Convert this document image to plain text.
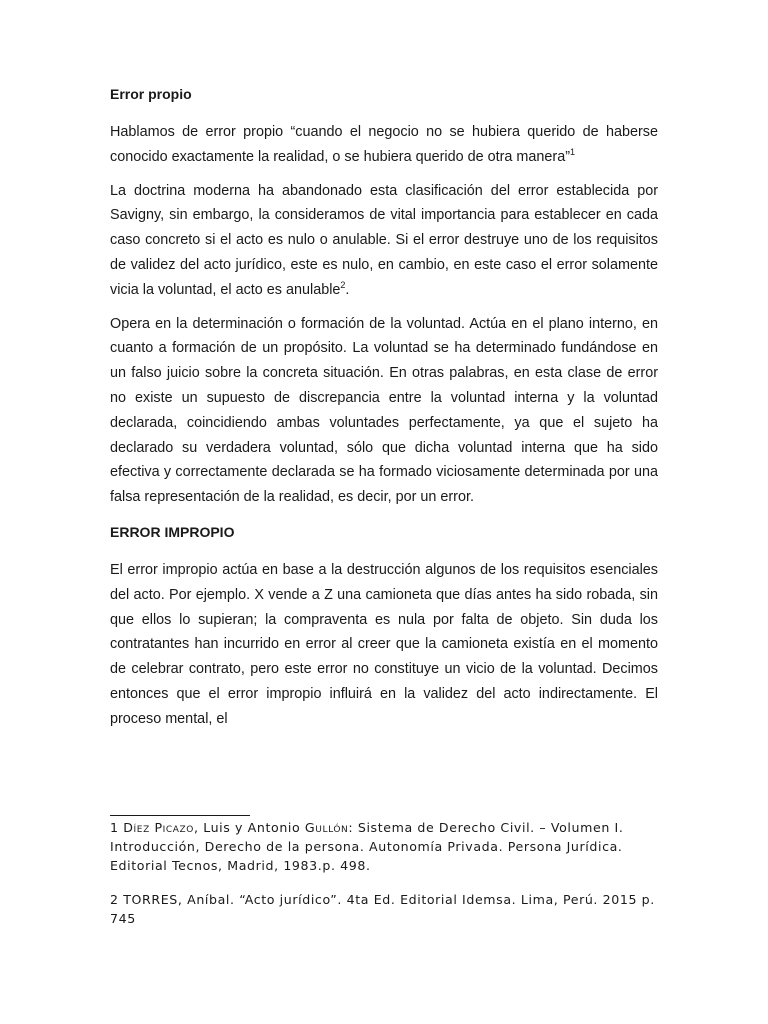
Error propio

Hablamos de error propio “cuando el negocio no se hubiera querido de haberse conocido exactamente la realidad, o se hubiera querido de otra manera”$^1$

La doctrina moderna ha abandonado esta clasificación del error establecida por Savigny, sin embargo, la consideramos de vital importancia para establecer en cada caso concreto si el acto es nulo o anulable. Si el error destruye uno de los requisitos de validez del acto jurídico, este es nulo, en cambio, en este caso el error solamente vicia la voluntad, el acto es anulable$^2$.

Opera en la determinación o formación de la voluntad. Actúa en el plano interno, en cuanto a formación de un propósito. La voluntad se ha determinado fundándose en un falso juicio sobre la concreta situación. En otras palabras, en esta clase de error no existe un supuesto de discrepancia entre la voluntad interna y la voluntad declarada, coincidiendo ambas voluntades perfectamente, ya que el sujeto ha declarado su verdadera voluntad, sólo que dicha voluntad interna que ha sido efectiva y correctamente declarada se ha formado viciosamente determinada por una falsa representación de la realidad, es decir, por un error.

ERROR IMPROPIO

El error impropio actúa en base a la destrucción algunos de los requisitos esenciales del acto. Por ejemplo. X vende a Z una camioneta que días antes ha sido robada, sin que ellos lo supieran; la compraventa es nula por falta de objeto. Sin duda los contratantes han incurrido en error al creer que la camioneta existía en el momento de celebrar contrato, pero este error no constituye un vicio de la voluntad. Decimos entonces que el error impropio influirá en la validez del acto indirectamente. El proceso mental, el

1 Díez Picazo, Luis y Antonio Gullón: Sistema de Derecho Civil. – Volumen I. Introducción, Derecho de la persona. Autonomía Privada. Persona Jurídica. Editorial Tecnos, Madrid, 1983.p. 498.

2 TORRES, Aníbal. “Acto jurídico”. 4ta Ed. Editorial Idemsa. Lima, Perú. 2015 p. 745
